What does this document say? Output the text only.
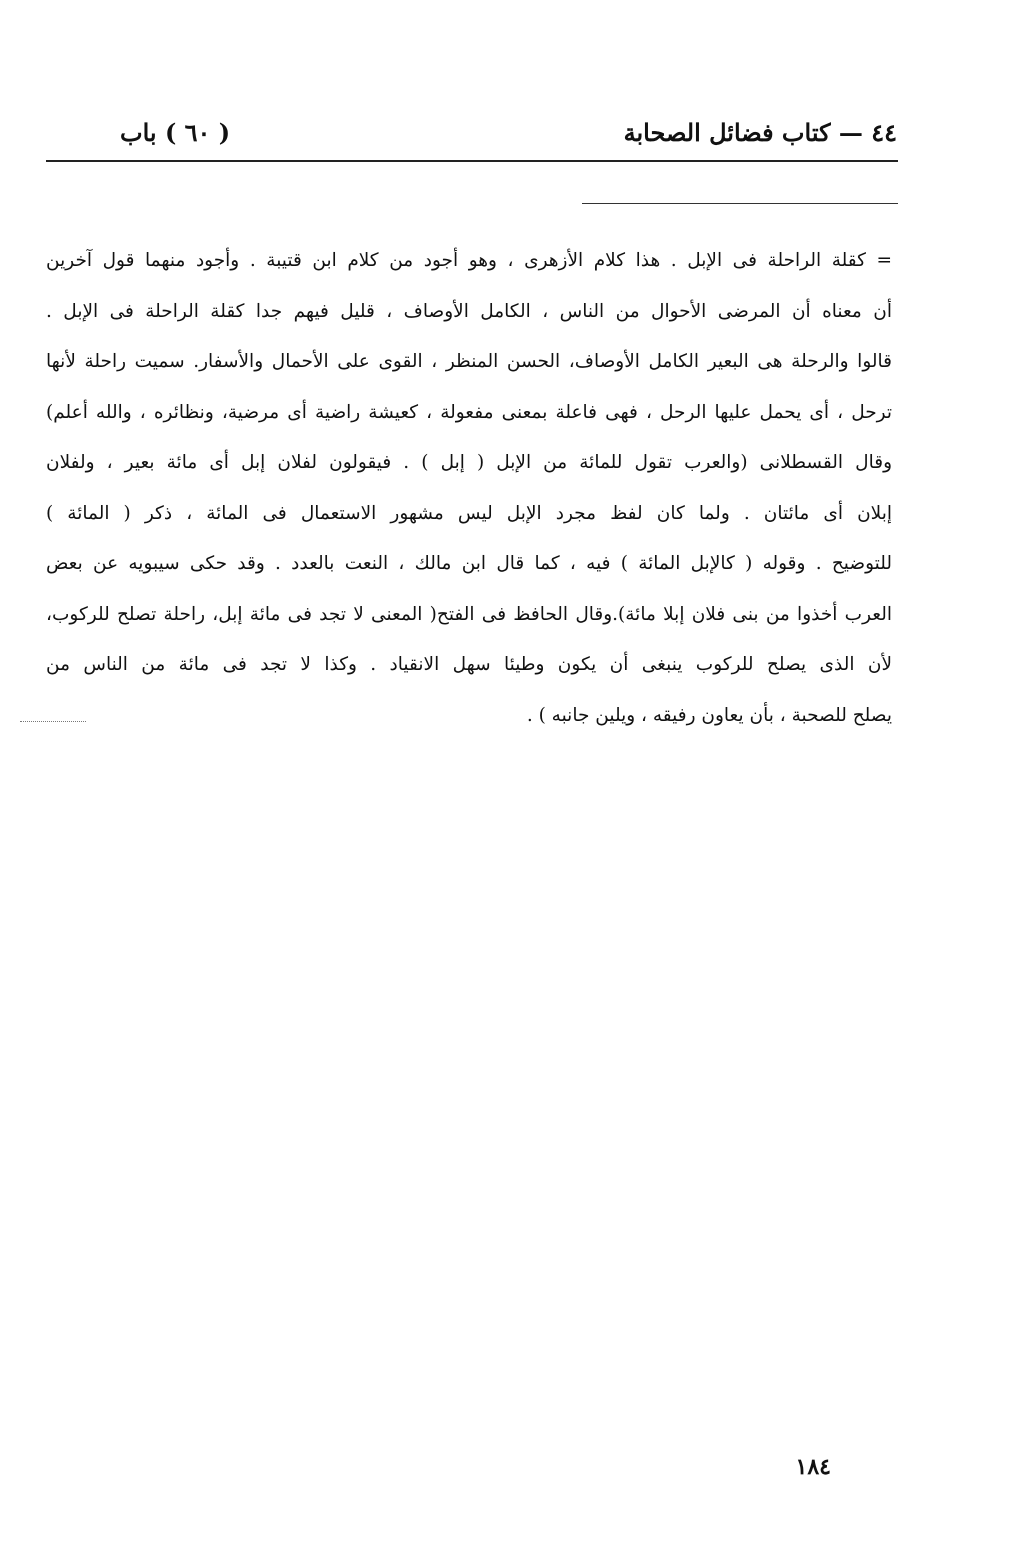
٤٤ — كتاب فضائل الصحابة
( ٦٠ ) باب
= كقلة الراحلة فى الإبل . هذا كلام الأزهرى ، وهو أجود من كلام ابن قتيبة . وأجود منهما قول آخرين
أن معناه أن المرضى الأحوال من الناس ، الكامل الأوصاف ، قليل فيهم جدا كقلة الراحلة فى الإبل .
قالوا والرحلة هى البعير الكامل الأوصاف، الحسن المنظر ، القوى على الأحمال والأسفار. سميت راحلة لأنها
ترحل ، أى يحمل عليها الرحل ، فهى فاعلة بمعنى مفعولة ، كعيشة راضية أى مرضية، ونظائره ، والله أعلم)
وقال القسطلانى (والعرب تقول للمائة من الإبل ( إبل ) . فيقولون لفلان إبل أى مائة بعير ، ولفلان
إبلان أى مائتان . ولما كان لفظ مجرد الإبل ليس مشهور الاستعمال فى المائة ، ذكر ( المائة )
للتوضيح . وقوله ( كالإبل المائة ) فيه ، كما قال ابن مالك ، النعت بالعدد . وقد حكى سيبويه عن بعض
العرب أخذوا من بنى فلان إبلا مائة).وقال الحافظ فى الفتح( المعنى لا تجد فى مائة إبل، راحلة تصلح للركوب،
لأن الذى يصلح للركوب ينبغى أن يكون وطيئا سهل الانقياد . وكذا لا تجد فى مائة من الناس من
يصلح للصحبة ، بأن يعاون رفيقه ، ويلين جانبه ) .
١٨٤
